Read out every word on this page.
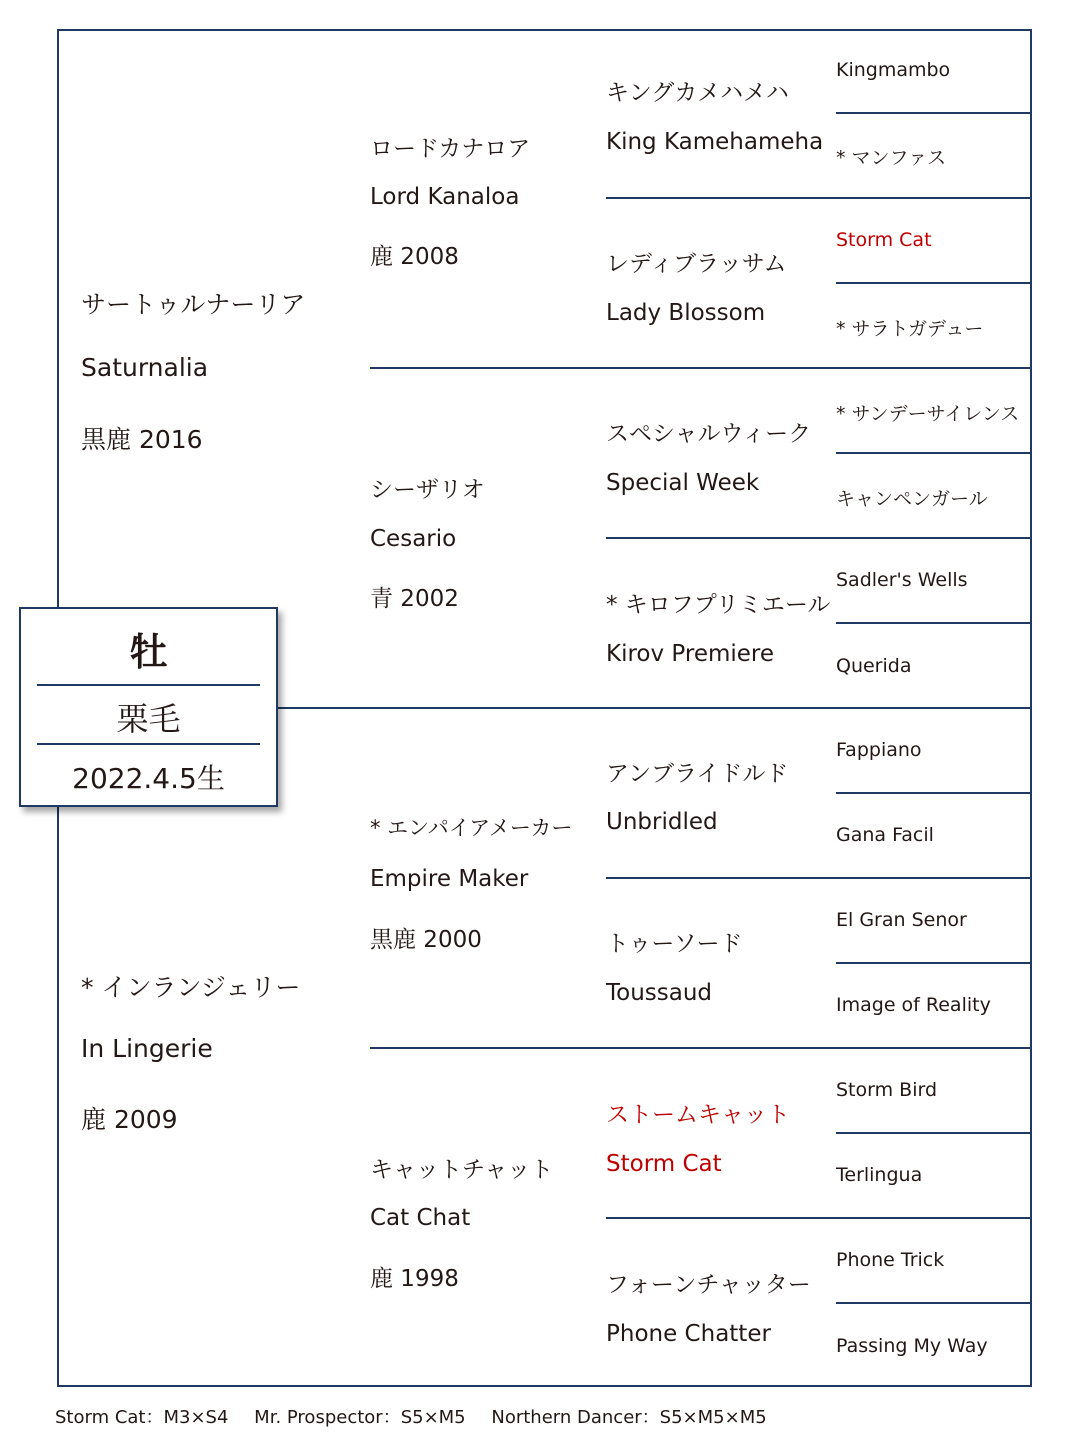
サートゥルナーリア
Saturnalia
黒鹿 2016
* インランジェリー
In Lingerie
鹿 2009
ロードカナロア
Lord Kanaloa
鹿 2008
シーザリオ
Cesario
青 2002
* エンパイアメーカー
Empire Maker
黒鹿 2000
キャットチャット
Cat Chat
鹿 1998
キングカメハメハ
King Kamehameha
レディブラッサム
Lady Blossom
スペシャルウィーク
Special Week
* キロフプリミエール
Kirov Premiere
アンブライドルド
Unbridled
トゥーソード
Toussaud
ストームキャット
Storm Cat
フォーンチャッター
Phone Chatter
Kingmambo
* マンファス
Storm Cat
* サラトガデュー
* サンデーサイレンス
キャンペンガール
Sadler's Wells
Querida
Fappiano
Gana Facil
El Gran Senor
Image of Reality
Storm Bird
Terlingua
Phone Trick
Passing My Way
牡
栗毛
2022.4.5生
Storm Cat：M3×S4 Mr. Prospector：S5×M5 Northern Dancer：S5×M5×M5
